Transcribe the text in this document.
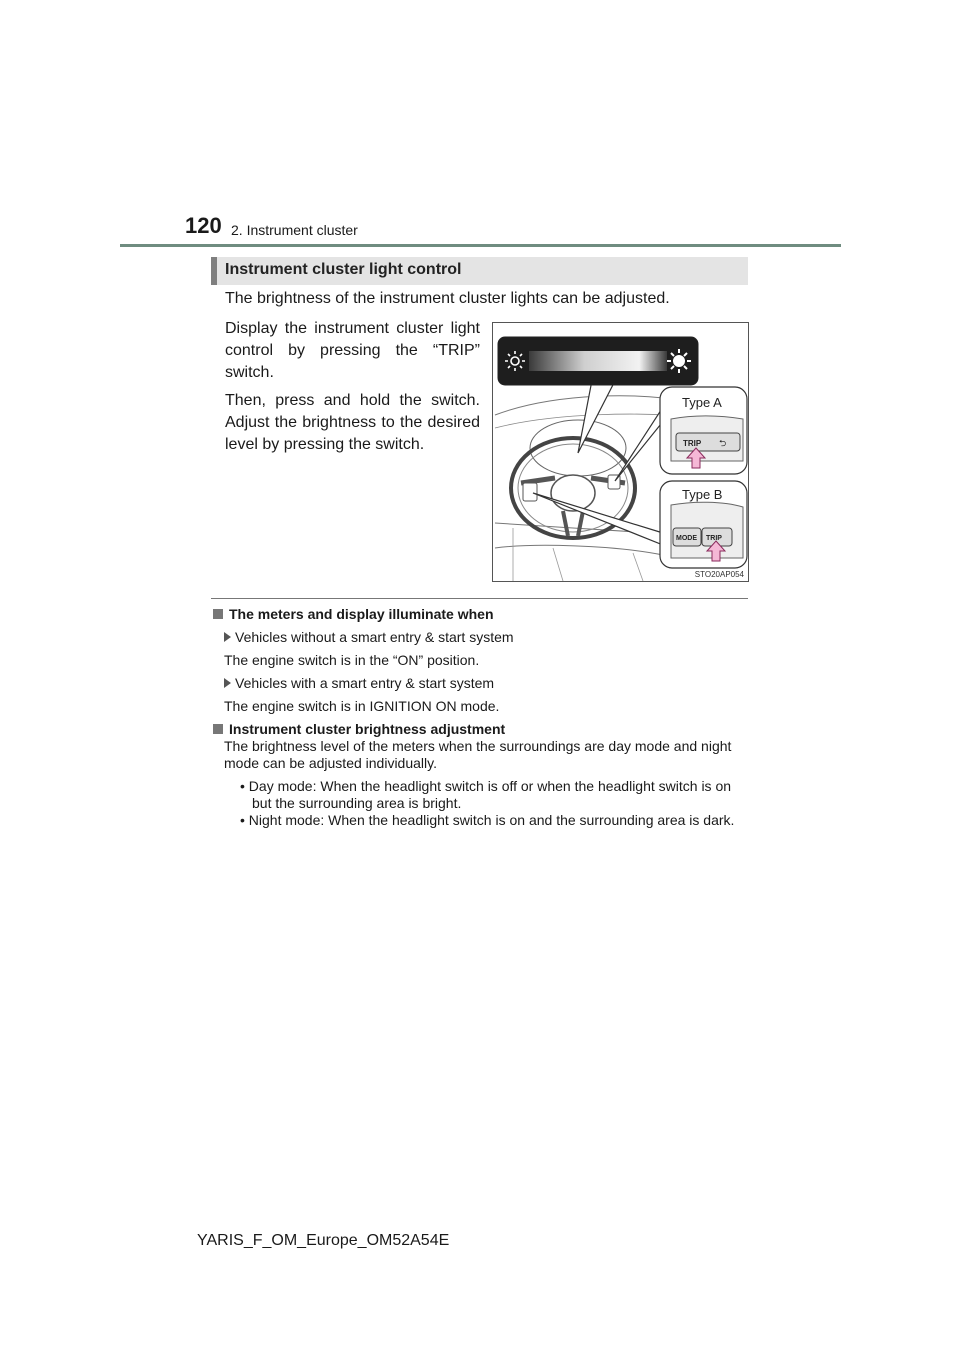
120 2. Instrument cluster
Instrument cluster light control
The brightness of the instrument cluster lights can be adjusted.

Display the instrument cluster light control by pressing the “TRIP” switch.

Then, press and hold the switch. Adjust the brightness to the desired level by pressing the switch.	TRIP ⮌
MODE TRIP
Type A
Type B
STO20AP054
The meters and display illuminate when
Vehicles without a smart entry & start system
The engine switch is in the “ON” position.
Vehicles with a smart entry & start system
The engine switch is in IGNITION ON mode.
Instrument cluster brightness adjustment
The brightness level of the meters when the surroundings are day mode and night mode can be adjusted individually.
• Day mode: When the headlight switch is off or when the headlight switch is on but the surrounding area is bright.
• Night mode: When the headlight switch is on and the surrounding area is dark.
YARIS_F_OM_Europe_OM52A54E
